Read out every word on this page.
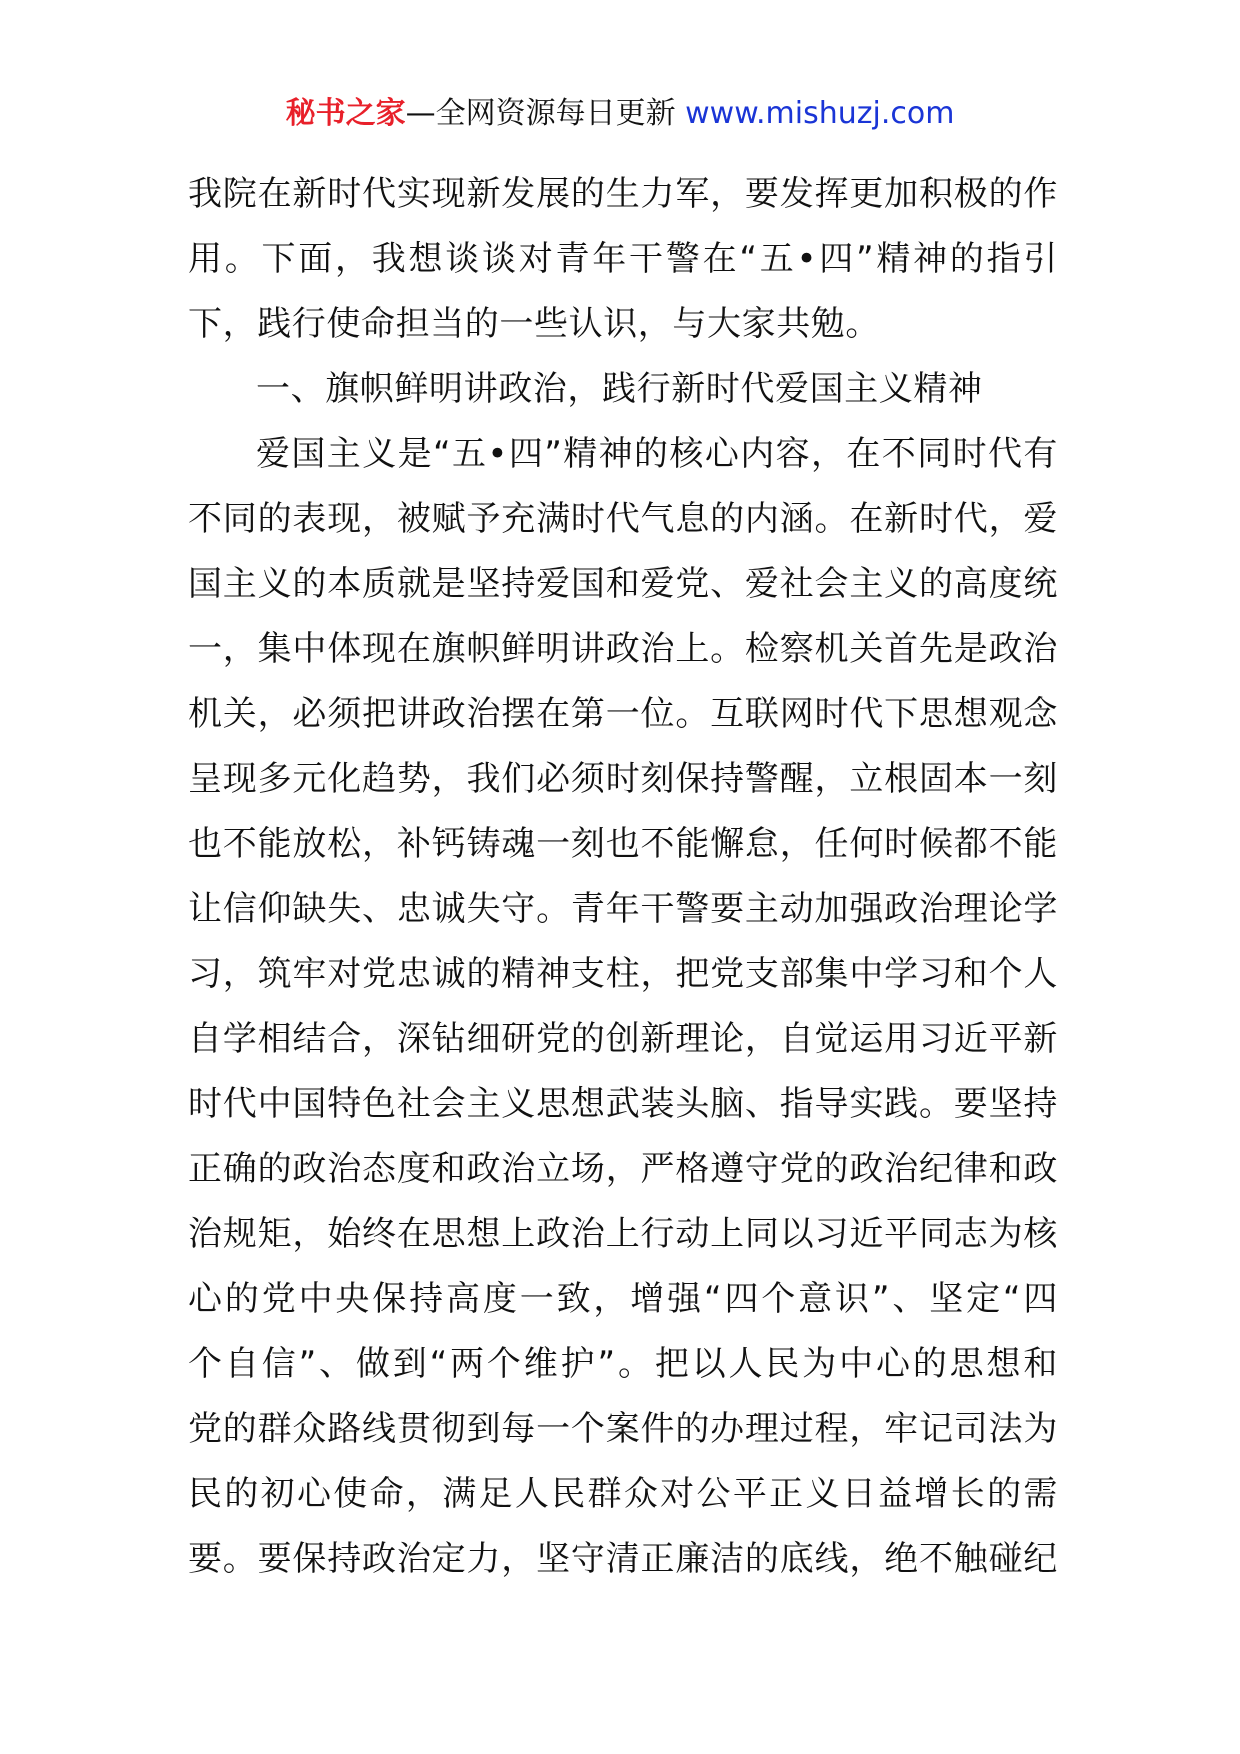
秘书之家—全网资源每日更新 www.mishuzj.com
我院在新时代实现新发展的生力军，要发挥更加积极的作
用。下面，我想谈谈对青年干警在“五•四”精神的指引
下，践行使命担当的一些认识，与大家共勉。
一、旗帜鲜明讲政治，践行新时代爱国主义精神
爱国主义是“五•四”精神的核心内容，在不同时代有
不同的表现，被赋予充满时代气息的内涵。在新时代，爱
国主义的本质就是坚持爱国和爱党、爱社会主义的高度统
一，集中体现在旗帜鲜明讲政治上。检察机关首先是政治
机关，必须把讲政治摆在第一位。互联网时代下思想观念
呈现多元化趋势，我们必须时刻保持警醒，立根固本一刻
也不能放松，补钙铸魂一刻也不能懈怠，任何时候都不能
让信仰缺失、忠诚失守。青年干警要主动加强政治理论学
习，筑牢对党忠诚的精神支柱，把党支部集中学习和个人
自学相结合，深钻细研党的创新理论，自觉运用习近平新
时代中国特色社会主义思想武装头脑、指导实践。要坚持
正确的政治态度和政治立场，严格遵守党的政治纪律和政
治规矩，始终在思想上政治上行动上同以习近平同志为核
心的党中央保持高度一致，增强“四个意识”、坚定“四
个自信”、做到“两个维护”。把以人民为中心的思想和
党的群众路线贯彻到每一个案件的办理过程，牢记司法为
民的初心使命，满足人民群众对公平正义日益增长的需
要。要保持政治定力，坚守清正廉洁的底线，绝不触碰纪
